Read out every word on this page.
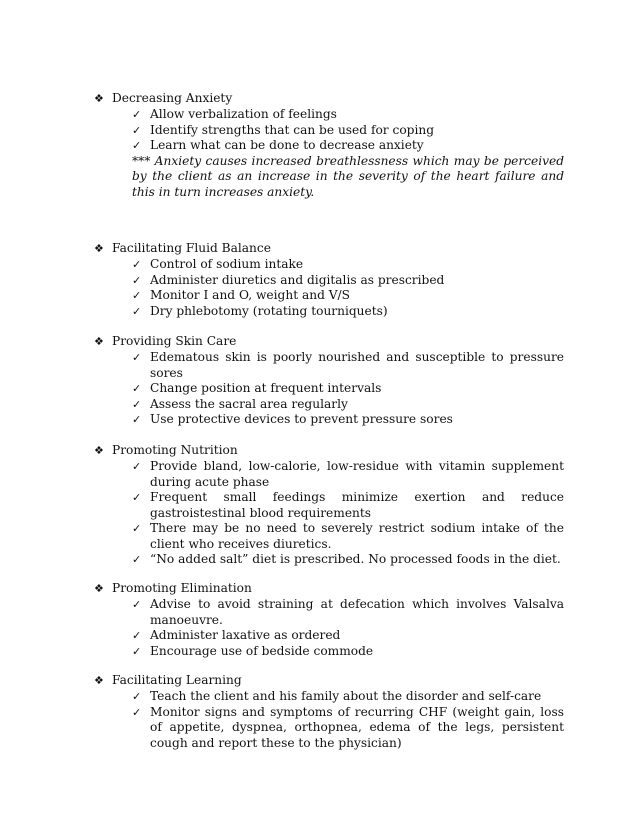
❖ Decreasing Anxiety
✓ Allow verbalization of feelings
✓ Identify strengths that can be used for coping
✓ Learn what can be done to decrease anxiety
*** Anxiety causes increased breathlessness which may be perceived by the client as an increase in the severity of the heart failure and this in turn increases anxiety.
❖ Facilitating Fluid Balance
✓ Control of sodium intake
✓ Administer diuretics and digitalis as prescribed
✓ Monitor I and O, weight and V/S
✓ Dry phlebotomy (rotating tourniquets)
❖ Providing Skin Care
✓ Edematous skin is poorly nourished and susceptible to pressure sores
✓ Change position at frequent intervals
✓ Assess the sacral area regularly
✓ Use protective devices to prevent pressure sores
❖ Promoting Nutrition
✓ Provide bland, low-calorie, low-residue with vitamin supplement during acute phase
✓ Frequent small feedings minimize exertion and reduce gastroistestinal blood requirements
✓ There may be no need to severely restrict sodium intake of the client who receives diuretics.
✓ “No added salt” diet is prescribed. No processed foods in the diet.
❖ Promoting Elimination
✓ Advise to avoid straining at defecation which involves Valsalva manoeuvre.
✓ Administer laxative as ordered
✓ Encourage use of bedside commode
❖ Facilitating Learning
✓ Teach the client and his family about the disorder and self-care
✓ Monitor signs and symptoms of recurring CHF (weight gain, loss of appetite, dyspnea, orthopnea, edema of the legs, persistent cough and report these to the physician)
